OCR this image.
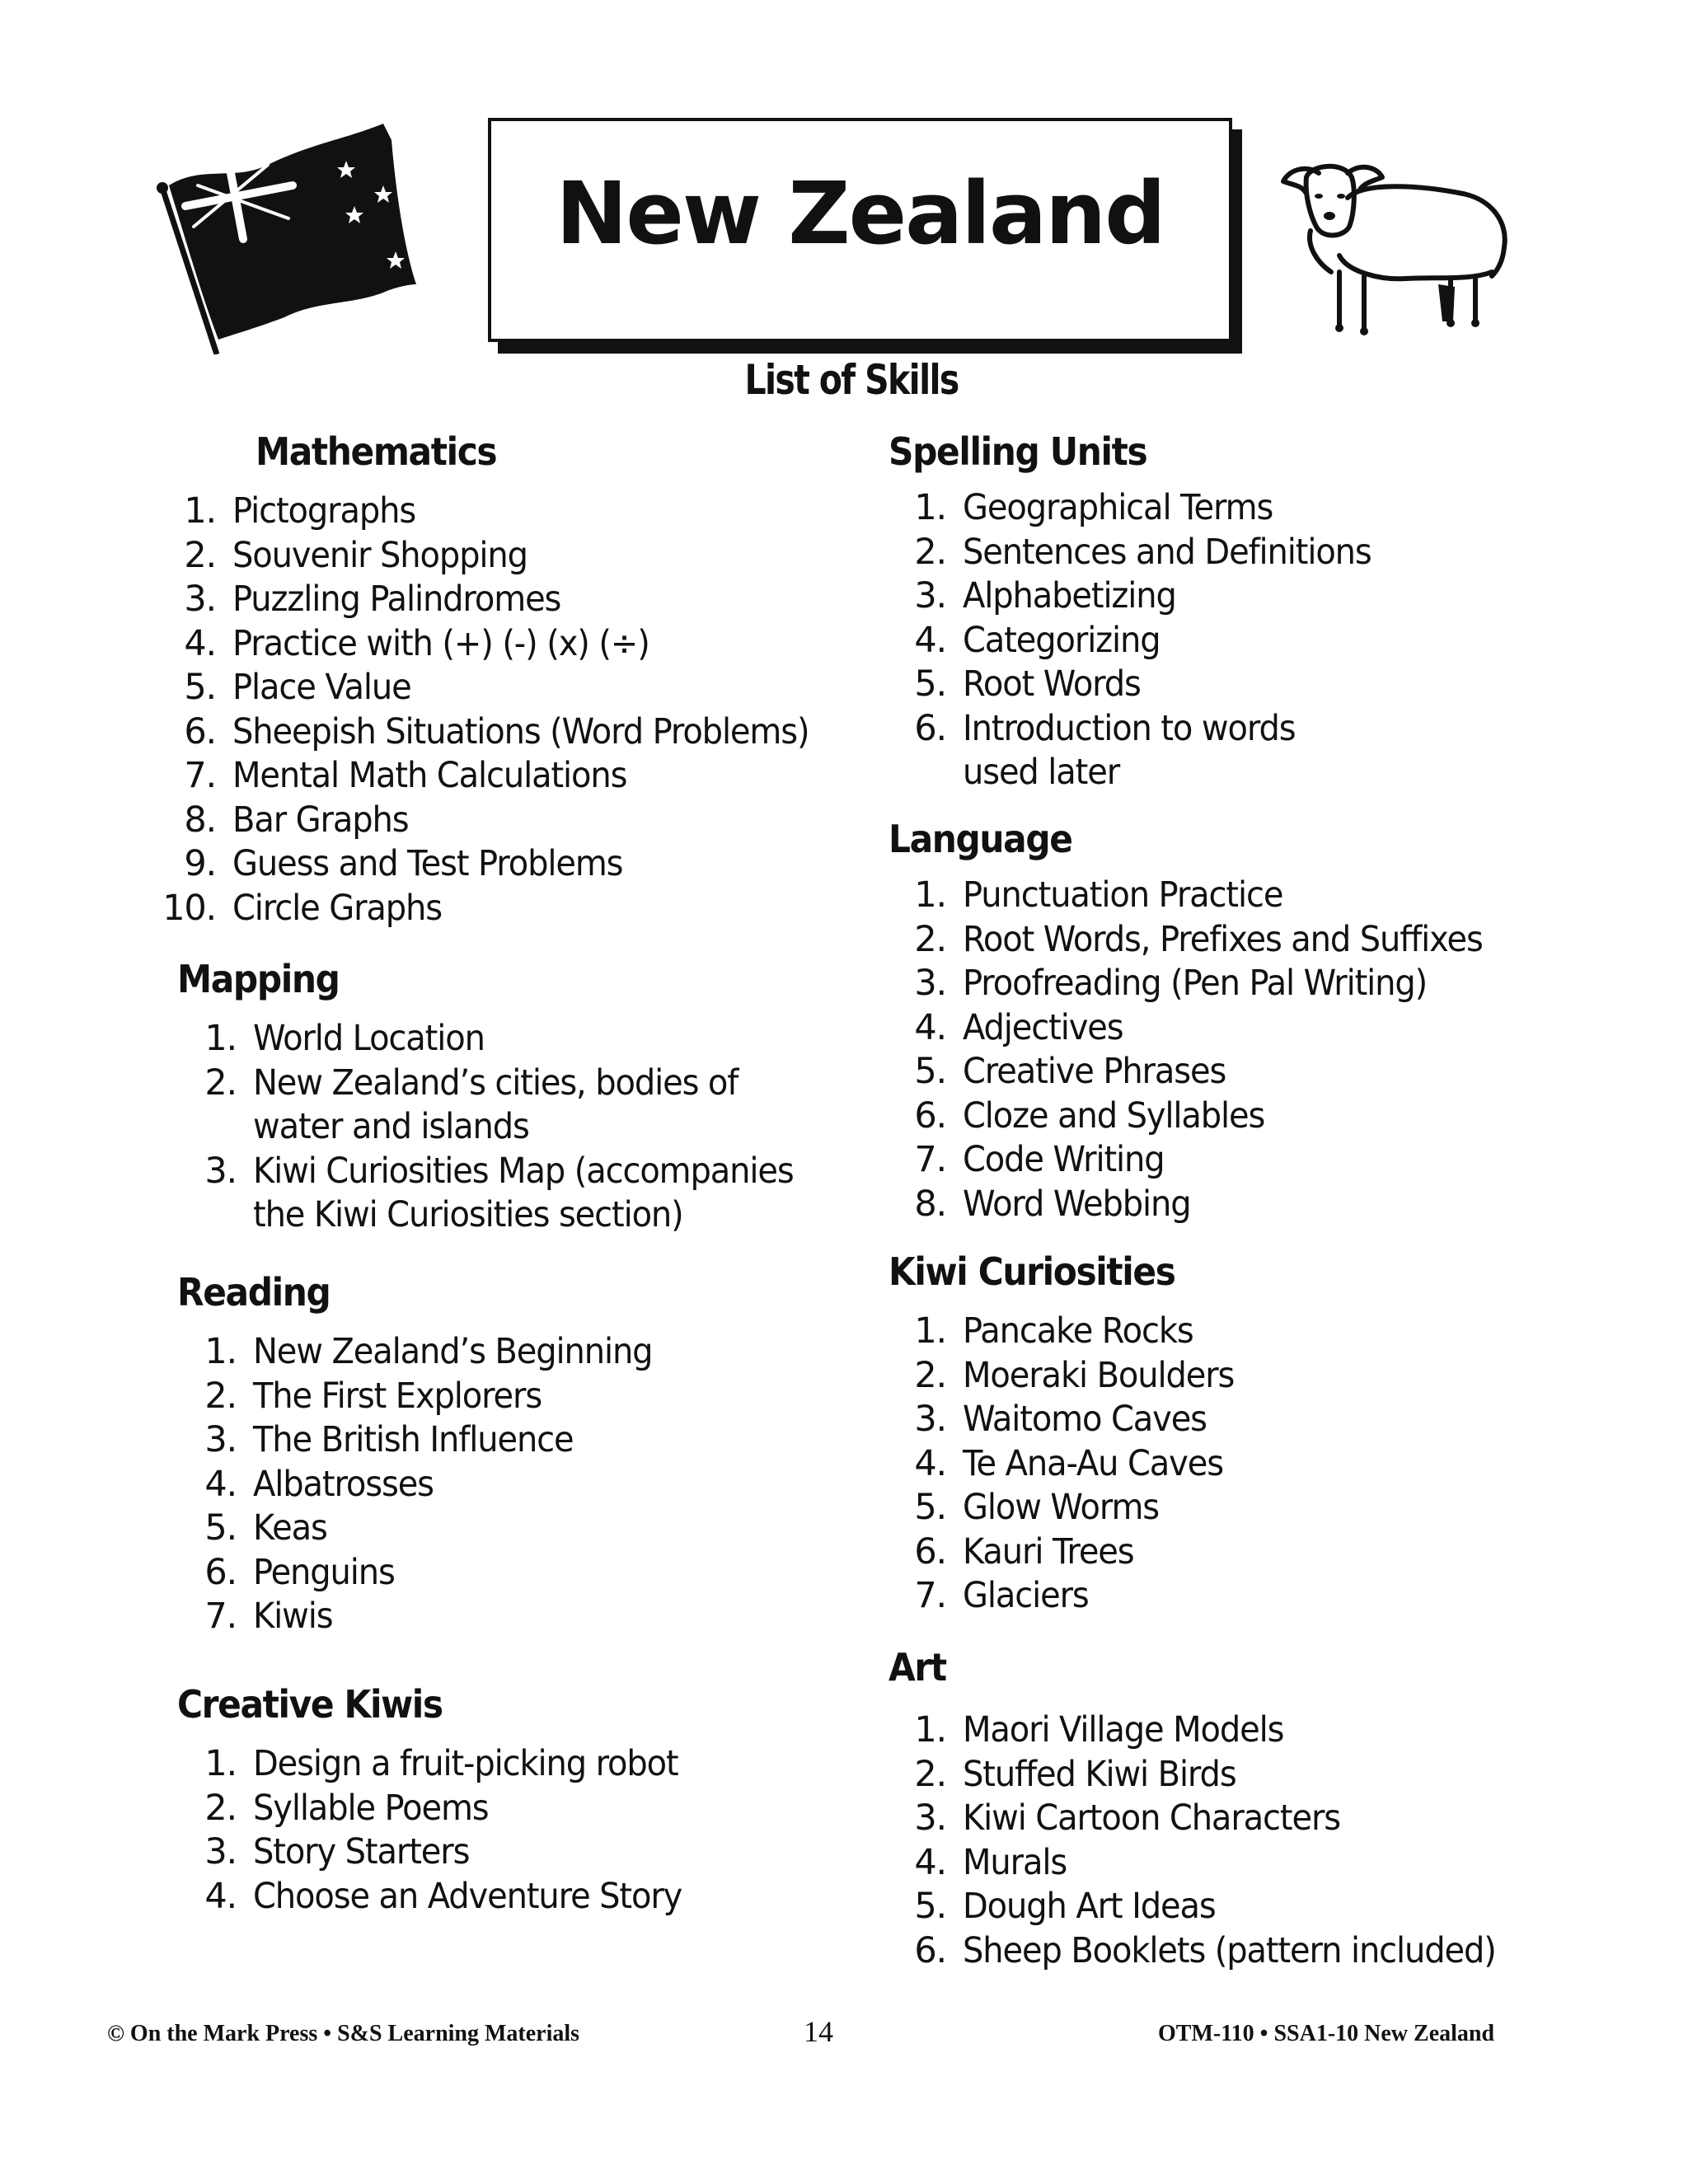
New Zealand
List of Skills
Mathematics
1. Pictographs
2. Souvenir Shopping
3. Puzzling Palindromes
4. Practice with (+) (-) (x) (÷)
5. Place Value
6. Sheepish Situations (Word Problems)
7. Mental Math Calculations
8. Bar Graphs
9. Guess and Test Problems
10. Circle Graphs
Mapping
1. World Location
2. New Zealand’s cities, bodies of
water and islands
3. Kiwi Curiosities Map (accompanies
the Kiwi Curiosities section)
Reading
1. New Zealand’s Beginning
2. The First Explorers
3. The British Influence
4. Albatrosses
5. Keas
6. Penguins
7. Kiwis
Creative Kiwis
1. Design a fruit-picking robot
2. Syllable Poems
3. Story Starters
4. Choose an Adventure Story
Spelling Units
1. Geographical Terms
2. Sentences and Definitions
3. Alphabetizing
4. Categorizing
5. Root Words
6. Introduction to words
used later
Language
1. Punctuation Practice
2. Root Words, Prefixes and Suffixes
3. Proofreading (Pen Pal Writing)
4. Adjectives
5. Creative Phrases
6. Cloze and Syllables
7. Code Writing
8. Word Webbing
Kiwi Curiosities
1. Pancake Rocks
2. Moeraki Boulders
3. Waitomo Caves
4. Te Ana-Au Caves
5. Glow Worms
6. Kauri Trees
7. Glaciers
Art
1. Maori Village Models
2. Stuffed Kiwi Birds
3. Kiwi Cartoon Characters
4. Murals
5. Dough Art Ideas
6. Sheep Booklets (pattern included)
© On the Mark Press • S&S Learning Materials	14	OTM-110 • SSA1-10 New Zealand
